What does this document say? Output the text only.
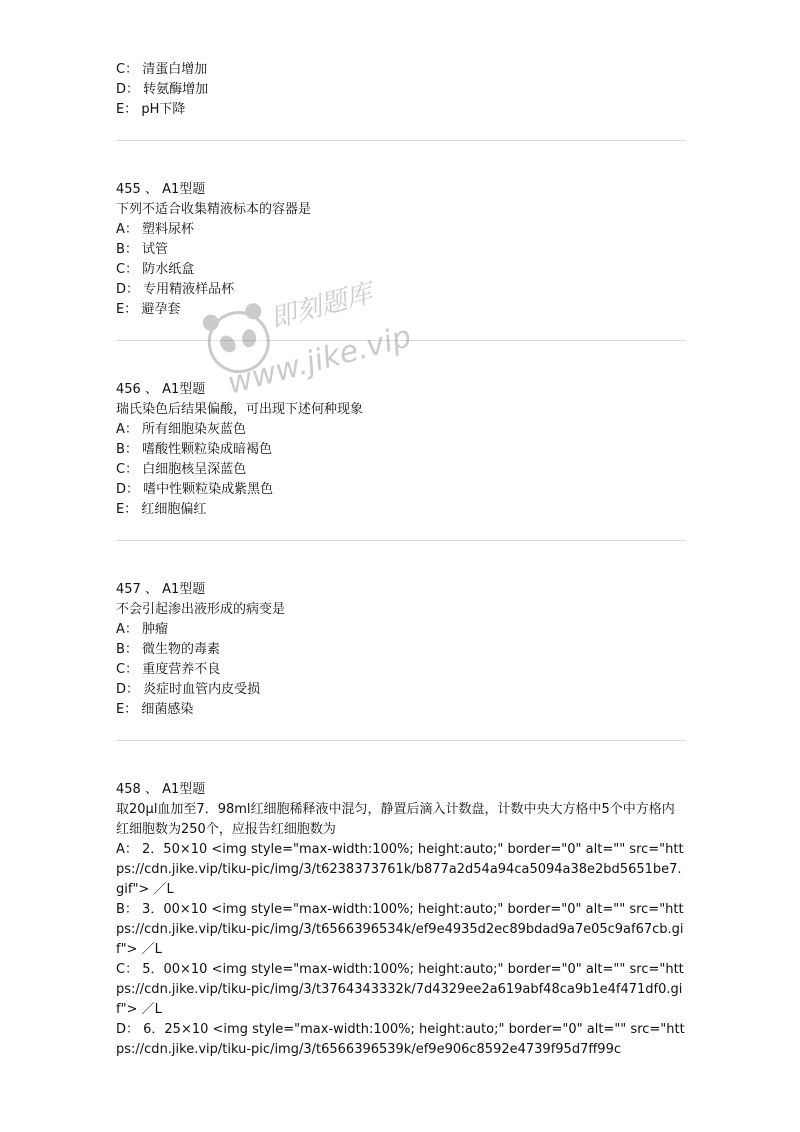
C： 清蛋白增加
D： 转氨酶增加
E： pH下降
455 、 A1型题
下列不适合收集精液标本的容器是
A： 塑料尿杯
B： 试管
C： 防水纸盒
D： 专用精液样品杯
E： 避孕套
456 、 A1型题
瑞氏染色后结果偏酸，可出现下述何种现象
A： 所有细胞染灰蓝色
B： 嗜酸性颗粒染成暗褐色
C： 白细胞核呈深蓝色
D： 嗜中性颗粒染成紫黑色
E： 红细胞偏红
457 、 A1型题
不会引起渗出液形成的病变是
A： 肿瘤
B： 微生物的毒素
C： 重度营养不良
D： 炎症时血管内皮受损
E： 细菌感染
458 、 A1型题
取20μl血加至7．98ml红细胞稀释液中混匀，静置后滴入计数盘，计数中央大方格中5个中方格内红细胞数为250个，应报告红细胞数为
A： 2．50×10 <img style="max-width:100%; height:auto;" border="0" alt="" src="https://cdn.jike.vip/tiku-pic/img/3/t6238373761k/b877a2d54a94ca5094a38e2bd5651be7.gif"> ／L
B： 3．00×10 <img style="max-width:100%; height:auto;" border="0" alt="" src="https://cdn.jike.vip/tiku-pic/img/3/t6566396534k/ef9e4935d2ec89bdad9a7e05c9af67cb.gif"> ／L
C： 5．00×10 <img style="max-width:100%; height:auto;" border="0" alt="" src="https://cdn.jike.vip/tiku-pic/img/3/t3764343332k/7d4329ee2a619abf48ca9b1e4f471df0.gif"> ／L
D： 6．25×10 <img style="max-width:100%; height:auto;" border="0" alt="" src="https://cdn.jike.vip/tiku-pic/img/3/t6566396539k/ef9e906c8592e4739f95d7ff99c
即刻题库
www.jike.vip
